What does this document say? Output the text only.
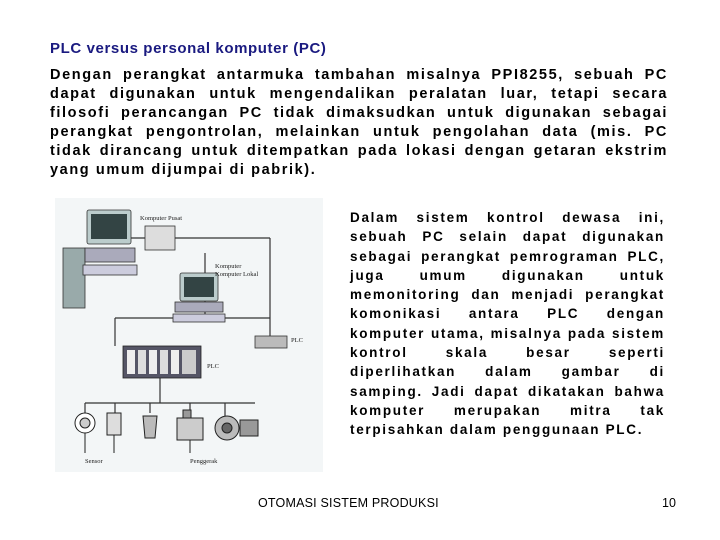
PLC versus personal komputer (PC)

Dengan perangkat antarmuka tambahan misalnya PPI8255, sebuah PC dapat digunakan untuk mengendalikan peralatan luar, tetapi secara filosofi perancangan PC tidak dimaksudkan untuk digunakan sebagai perangkat pengontrolan, melainkan untuk pengolahan data (mis. PC tidak dirancang untuk ditempatkan pada lokasi dengan getaran ekstrim yang umum dijumpai di pabrik).

Komputer Pusat
Komputer
Komputer Lokal
PLC
PLC
Sensor	Penggerak

Dalam sistem kontrol dewasa ini, sebuah PC selain dapat digunakan sebagai perangkat pemrograman PLC, juga umum digunakan untuk memonitoring dan menjadi perangkat komonikasi antara PLC dengan komputer utama, misalnya pada sistem kontrol skala besar seperti diperlihatkan dalam gambar di samping. Jadi dapat dikatakan bahwa komputer merupakan mitra tak terpisahkan dalam penggunaan PLC.

OTOMASI SISTEM PRODUKSI	10
